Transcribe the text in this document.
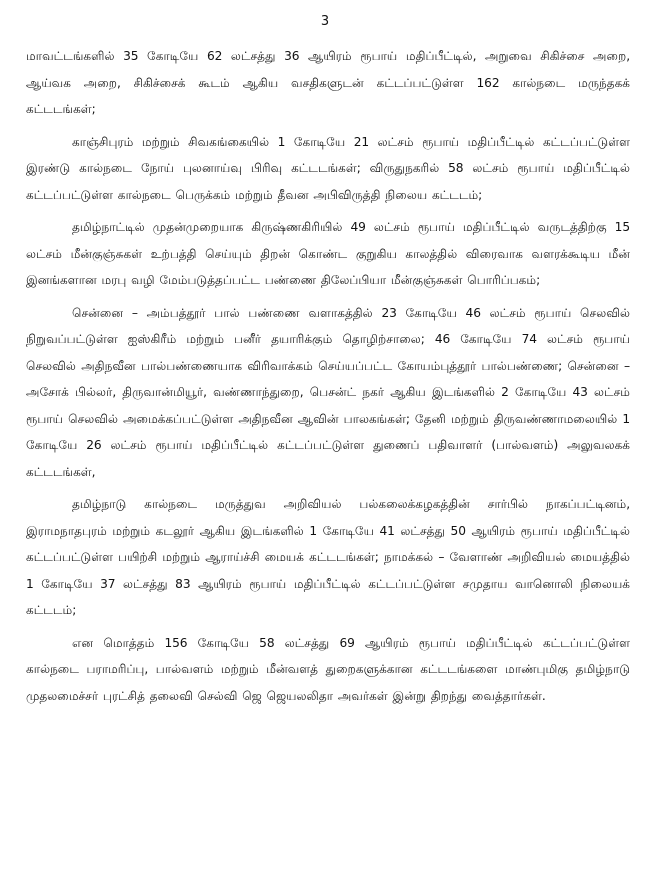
3

மாவட்டங்களில் 35 கோடியே 62 லட்சத்து 36 ஆயிரம் ரூபாய் மதிப்பீட்டில், அறுவை சிகிச்சை அறை, ஆய்வக அறை, சிகிச்சைக் கூடம் ஆகிய வசதிகளுடன் கட்டப்பட்டுள்ள 162 கால்நடை மருந்தகக் கட்டடங்கள்;

காஞ்சிபுரம் மற்றும் சிவகங்கையில் 1 கோடியே 21 லட்சம் ரூபாய் மதிப்பீட்டில் கட்டப்பட்டுள்ள இரண்டு கால்நடை நோய் புலனாய்வு பிரிவு கட்டடங்கள்; விருதுநகரில் 58 லட்சம் ரூபாய் மதிப்பீட்டில் கட்டப்பட்டுள்ள கால்நடை பெருக்கம் மற்றும் தீவன அபிவிருத்தி நிலைய கட்டடம்;

தமிழ்நாட்டில் முதன்முறையாக கிருஷ்ணகிரியில் 49 லட்சம் ரூபாய் மதிப்பீட்டில் வருடத்திற்கு 15 லட்சம் மீன்குஞ்சுகள் உற்பத்தி செய்யும் திறன் கொண்ட குறுகிய காலத்தில் விரைவாக வளரக்கூடிய மீன் இனங்களான மரபு வழி மேம்படுத்தப்பட்ட பண்ணை திலேப்பியா மீன்குஞ்சுகள் பொரிப்பகம்;

சென்னை – அம்பத்தூர் பால் பண்ணை வளாகத்தில் 23 கோடியே 46 லட்சம் ரூபாய் செலவில் நிறுவப்பட்டுள்ள ஐஸ்கிரீம் மற்றும் பனீர் தயாரிக்கும் தொழிற்சாலை; 46 கோடியே 74 லட்சம் ரூபாய் செலவில் அதிநவீன பால்பண்ணையாக விரிவாக்கம் செய்யப்பட்ட கோயம்புத்தூர் பால்பண்ணை; சென்னை – அசோக் பில்லர், திருவான்மியூர், வண்ணாந்துறை, பெசன்ட் நகர் ஆகிய இடங்களில் 2 கோடியே 43 லட்சம் ரூபாய் செலவில் அமைக்கப்பட்டுள்ள அதிநவீன ஆவின் பாலகங்கள்; தேனி மற்றும் திருவண்ணாமலையில் 1 கோடியே 26 லட்சம் ரூபாய் மதிப்பீட்டில் கட்டப்பட்டுள்ள துணைப் பதிவாளர் (பால்வளம்) அலுவலகக் கட்டடங்கள்,

தமிழ்நாடு கால்நடை மருத்துவ அறிவியல் பல்கலைக்கழகத்தின் சார்பில் நாகப்பட்டினம், இராமநாதபுரம் மற்றும் கடலூர் ஆகிய இடங்களில் 1 கோடியே 41 லட்சத்து 50 ஆயிரம் ரூபாய் மதிப்பீட்டில் கட்டப்பட்டுள்ள பயிற்சி மற்றும் ஆராய்ச்சி மையக் கட்டடங்கள்; நாமக்கல் – வேளாண் அறிவியல் மையத்தில் 1 கோடியே 37 லட்சத்து 83 ஆயிரம் ரூபாய் மதிப்பீட்டில் கட்டப்பட்டுள்ள சமுதாய வானொலி நிலையக் கட்டடம்;

என மொத்தம் 156 கோடியே 58 லட்சத்து 69 ஆயிரம் ரூபாய் மதிப்பீட்டில் கட்டப்பட்டுள்ள கால்நடை பராமரிப்பு, பால்வளம் மற்றும் மீன்வளத் துறைகளுக்கான கட்டடங்களை மாண்புமிகு தமிழ்நாடு முதலமைச்சர் புரட்சித் தலைவி செல்வி ஜெ ஜெயலலிதா அவர்கள் இன்று திறந்து வைத்தார்கள்.
